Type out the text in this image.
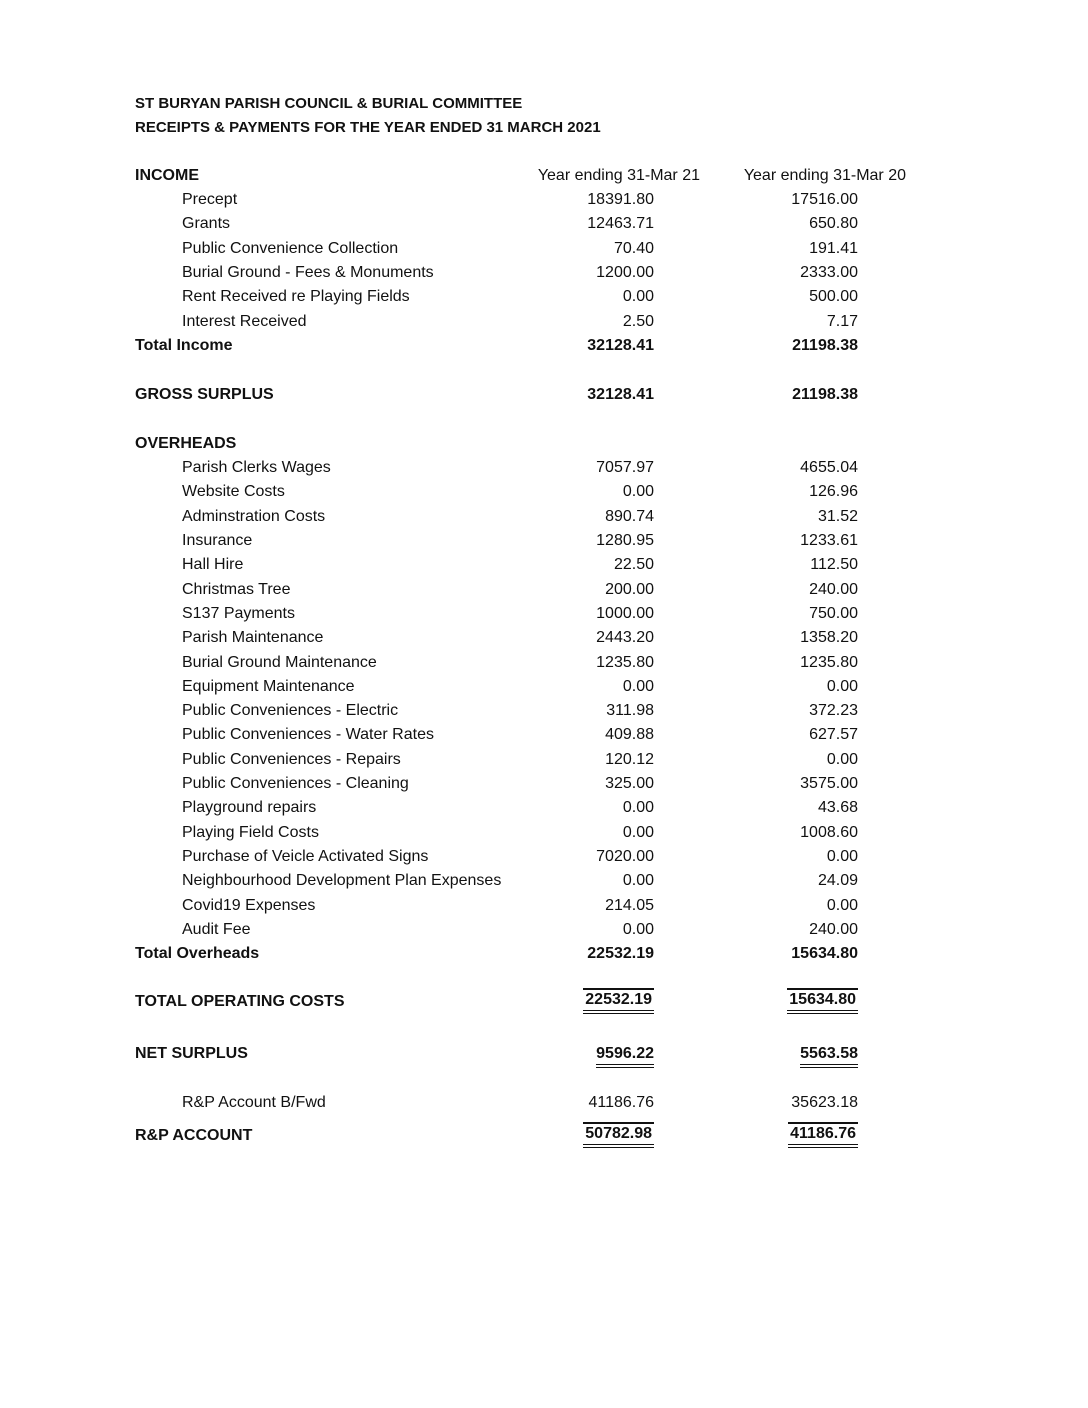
ST BURYAN PARISH COUNCIL & BURIAL COMMITTEE
RECEIPTS & PAYMENTS FOR THE YEAR ENDED 31 MARCH 2021
INCOME	Year ending 31-Mar 21	Year ending 31-Mar 20
Precept	18391.80	17516.00
Grants	12463.71	650.80
Public Convenience Collection	70.40	191.41
Burial Ground - Fees & Monuments	1200.00	2333.00
Rent Received re Playing Fields	0.00	500.00
Interest Received	2.50	7.17
Total Income	32128.41	21198.38
GROSS SURPLUS	32128.41	21198.38
OVERHEADS
Parish Clerks Wages	7057.97	4655.04
Website Costs	0.00	126.96
Adminstration Costs	890.74	31.52
Insurance	1280.95	1233.61
Hall Hire	22.50	112.50
Christmas Tree	200.00	240.00
S137 Payments	1000.00	750.00
Parish Maintenance	2443.20	1358.20
Burial Ground Maintenance	1235.80	1235.80
Equipment Maintenance	0.00	0.00
Public Conveniences - Electric	311.98	372.23
Public Conveniences - Water Rates	409.88	627.57
Public Conveniences - Repairs	120.12	0.00
Public Conveniences - Cleaning	325.00	3575.00
Playground repairs	0.00	43.68
Playing Field Costs	0.00	1008.60
Purchase of Veicle Activated Signs	7020.00	0.00
Neighbourhood Development Plan Expenses	0.00	24.09
Covid19 Expenses	214.05	0.00
Audit Fee	0.00	240.00
Total Overheads	22532.19	15634.80
TOTAL OPERATING COSTS	22532.19	15634.80
NET SURPLUS	9596.22	5563.58
R&P Account B/Fwd	41186.76	35623.18
R&P ACCOUNT	50782.98	41186.76
